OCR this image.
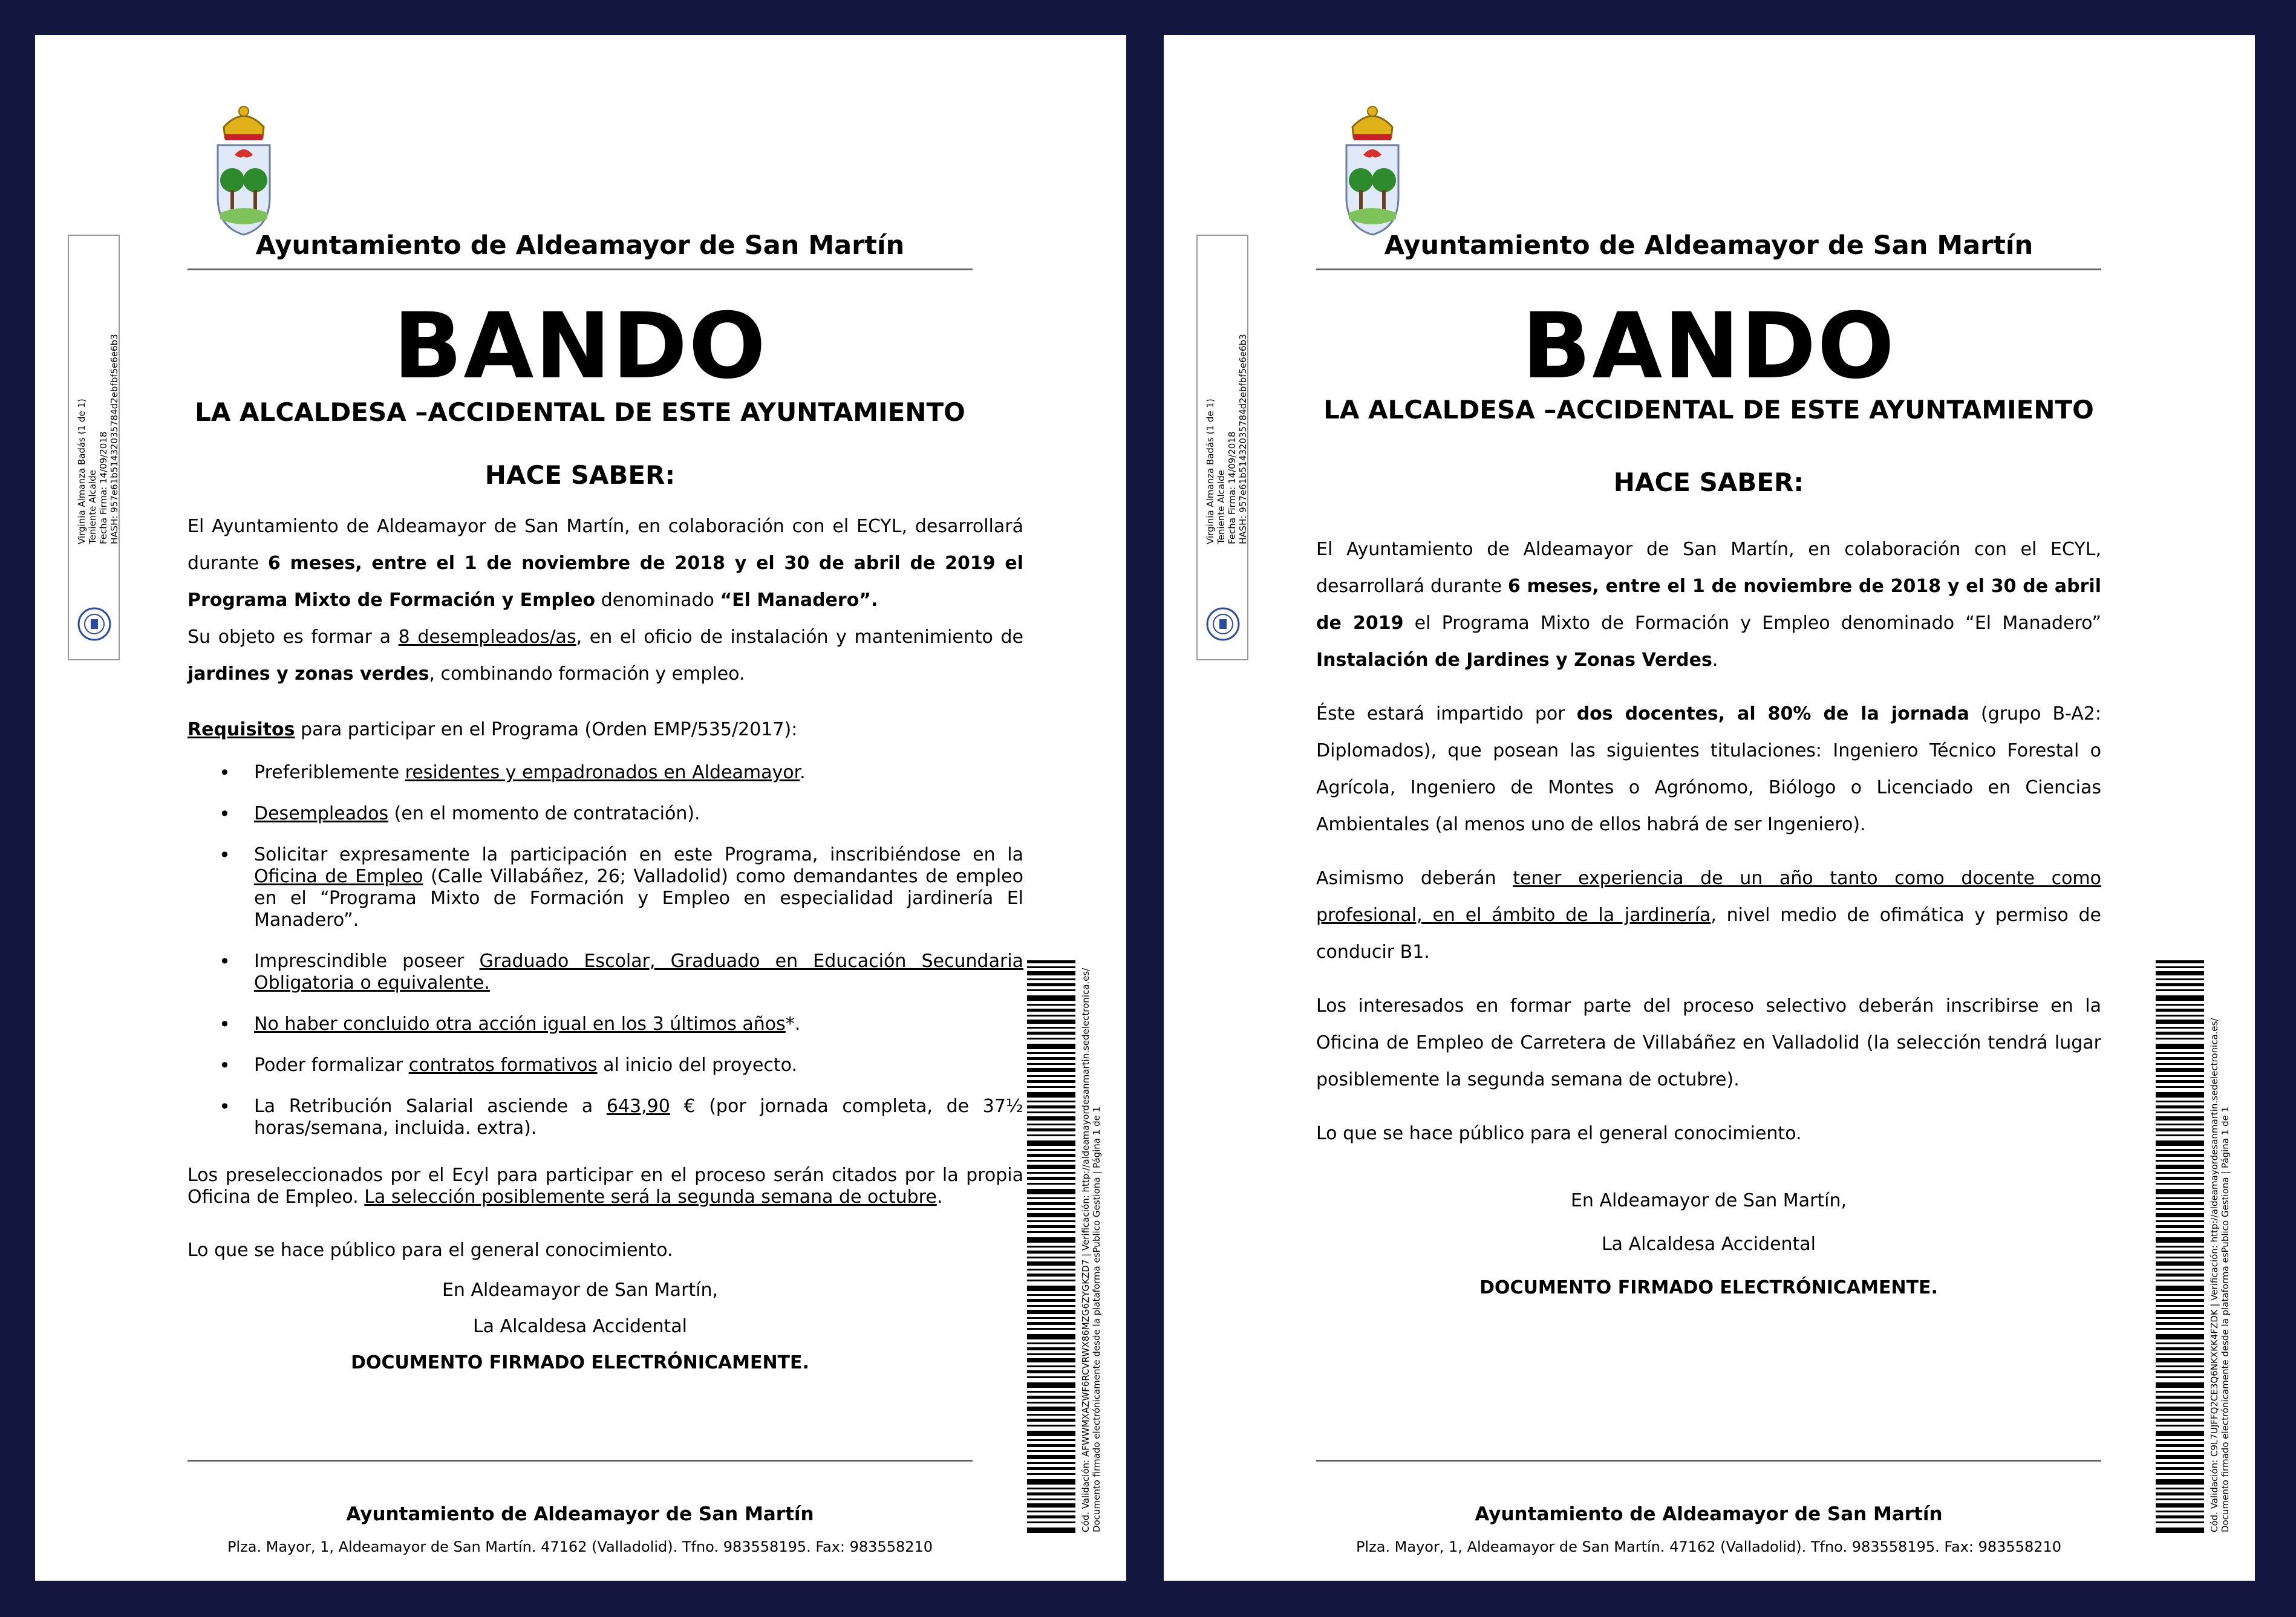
Ayuntamiento de Aldeamayor de San Martín
BANDO
LA ALCALDESA –ACCIDENTAL DE ESTE AYUNTAMIENTO
HACE SABER:

El Ayuntamiento de Aldeamayor de San Martín, en colaboración con el ECYL, desarrollará durante 6 meses, entre el 1 de noviembre de 2018 y el 30 de abril de 2019 el Programa Mixto de Formación y Empleo denominado “El Manadero”.

Su objeto es formar a 8 desempleados/as, en el oficio de instalación y mantenimiento de jardines y zonas verdes, combinando formación y empleo.

Requisitos para participar en el Programa (Orden EMP/535/2017):

• Preferiblemente residentes y empadronados en Aldeamayor.
• Desempleados (en el momento de contratación).
• Solicitar expresamente la participación en este Programa, inscribiéndose en la Oficina de Empleo (Calle Villabáñez, 26; Valladolid) como demandantes de empleo en el “Programa Mixto de Formación y Empleo en especialidad jardinería El Manadero”.
• Imprescindible poseer Graduado Escolar, Graduado en Educación Secundaria Obligatoria o equivalente.
• No haber concluido otra acción igual en los 3 últimos años*.
• Poder formalizar contratos formativos al inicio del proyecto.
• La Retribución Salarial asciende a 643,90 € (por jornada completa, de 37½ horas/semana, incluida. extra).

Los preseleccionados por el Ecyl para participar en el proceso serán citados por la propia Oficina de Empleo. La selección posiblemente será la segunda semana de octubre.

Lo que se hace público para el general conocimiento.
En Aldeamayor de San Martín,
La Alcaldesa Accidental
DOCUMENTO FIRMADO ELECTRÓNICAMENTE.
Ayuntamiento de Aldeamayor de San Martín
Plza. Mayor, 1, Aldeamayor de San Martín. 47162 (Valladolid). Tfno. 983558195. Fax: 983558210
Virginia Almanza Badás (1 de 1) Teniente Alcalde Fecha Firma: 14/09/2018 HASH: 957e61b51432035784d2ebfbf5e6e6b3
Cód. Validación: AFWWMXAZWF6RCVRWX86MZG6ZYGKZD7 | Verificación: http://aldeamayordesanmartin.sedelectronica.es/ Documento firmado electrónicamente desde la plataforma esPublico Gestiona | Página 1 de 1
Ayuntamiento de Aldeamayor de San Martín
BANDO
LA ALCALDESA –ACCIDENTAL DE ESTE AYUNTAMIENTO
HACE SABER:

El Ayuntamiento de Aldeamayor de San Martín, en colaboración con el ECYL, desarrollará durante 6 meses, entre el 1 de noviembre de 2018 y el 30 de abril de 2019 el Programa Mixto de Formación y Empleo denominado “El Manadero” Instalación de Jardines y Zonas Verdes.

Éste estará impartido por dos docentes, al 80% de la jornada (grupo B-A2: Diplomados), que posean las siguientes titulaciones: Ingeniero Técnico Forestal o Agrícola, Ingeniero de Montes o Agrónomo, Biólogo o Licenciado en Ciencias Ambientales (al menos uno de ellos habrá de ser Ingeniero).

Asimismo deberán tener experiencia de un año tanto como docente como profesional, en el ámbito de la jardinería, nivel medio de ofimática y permiso de conducir B1.

Los interesados en formar parte del proceso selectivo deberán inscribirse en la Oficina de Empleo de Carretera de Villabáñez en Valladolid (la selección tendrá lugar posiblemente la segunda semana de octubre).

Lo que se hace público para el general conocimiento.

En Aldeamayor de San Martín,
La Alcaldesa Accidental
DOCUMENTO FIRMADO ELECTRÓNICAMENTE.
Ayuntamiento de Aldeamayor de San Martín
Plza. Mayor, 1, Aldeamayor de San Martín. 47162 (Valladolid). Tfno. 983558195. Fax: 983558210
Virginia Almanza Badás (1 de 1) Teniente Alcalde Fecha Firma: 14/09/2018 HASH: 957e61b51432035784d2ebfbf5e6e6b3
Cód. Validación: C9L7UJFFQ2CE3Q6NKXKK4FZDK | Verificación: http://aldeamayordesanmartin.sedelectronica.es/ Documento firmado electrónicamente desde la plataforma esPublico Gestiona | Página 1 de 1
